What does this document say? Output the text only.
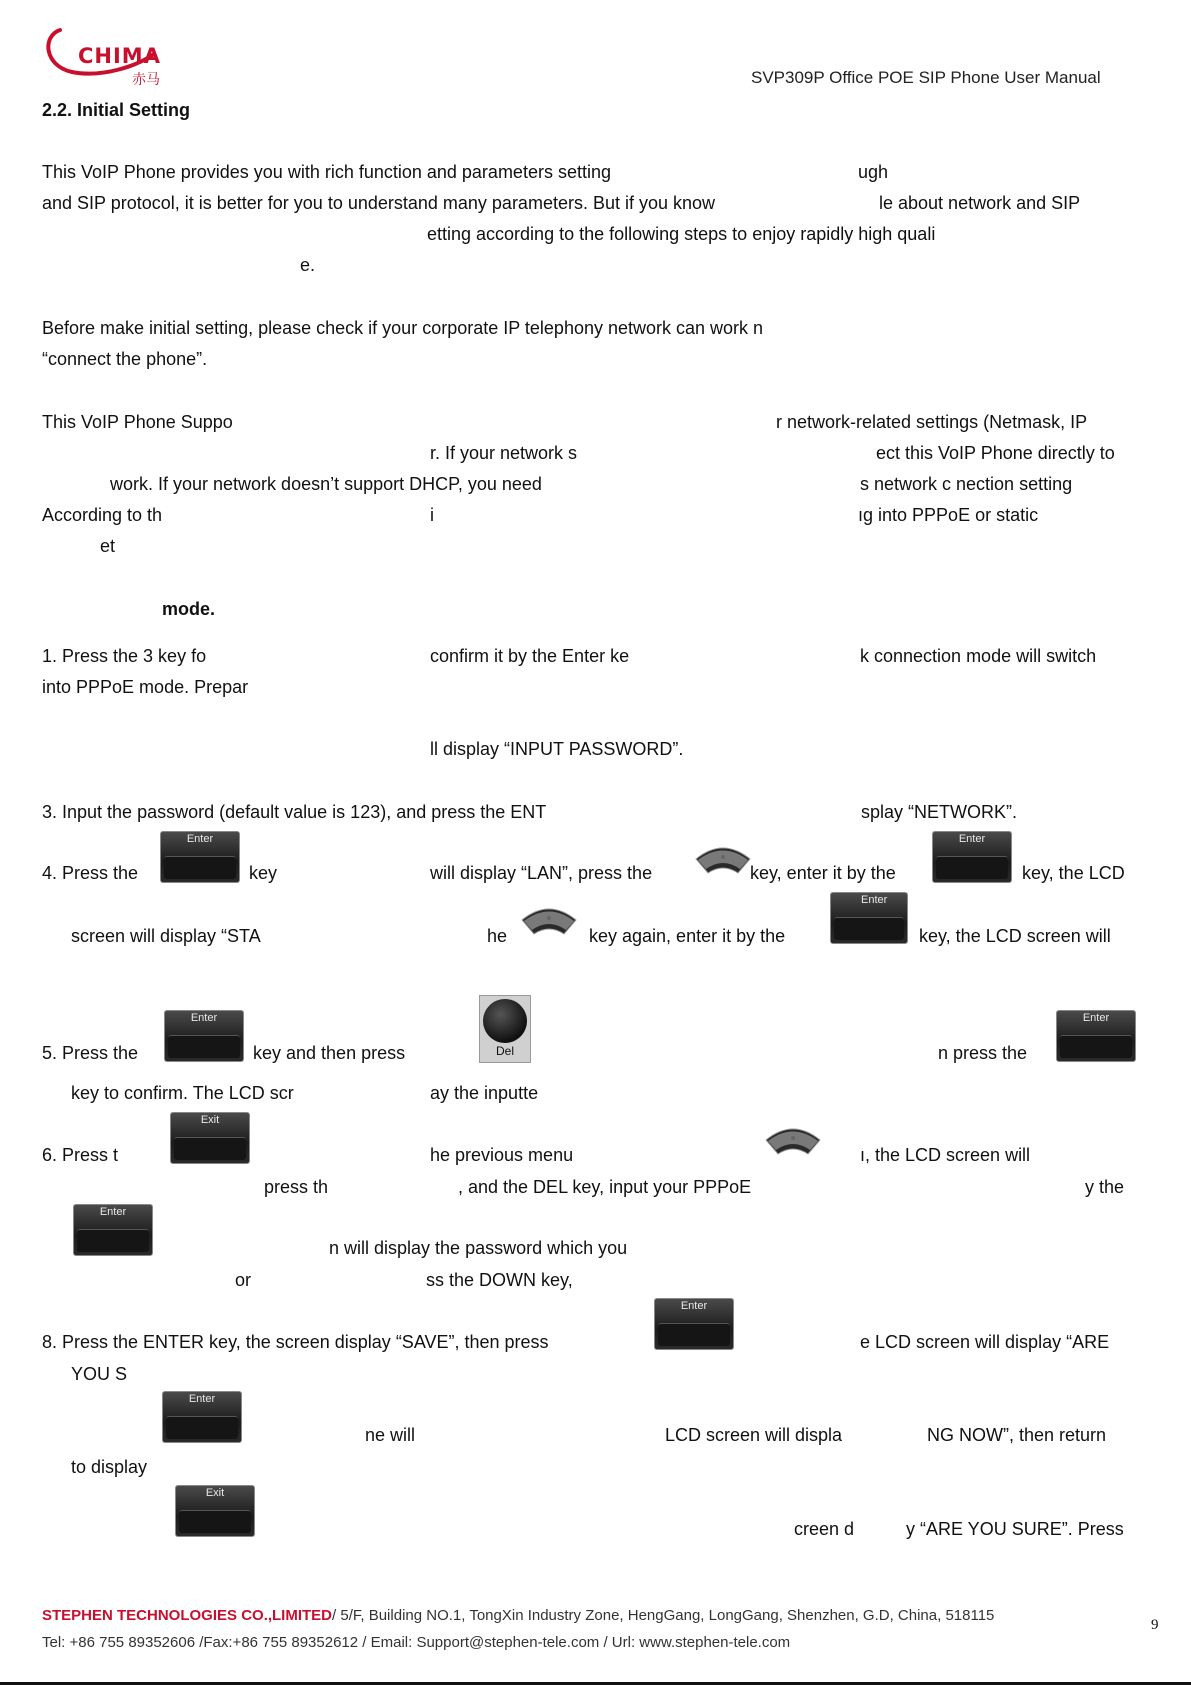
CHIMA
赤马	SVP309P Office POE SIP Phone User Manual
2.2. Initial Setting
This VoIP Phone provides you with rich function and parameters setting	ugh
and SIP protocol, it is better for you to understand many parameters. But if you know	le about network and SIP
etting according to the following steps to enjoy rapidly high quali
e.
Before make initial setting, please check if your corporate IP telephony network can work n
“connect the phone”.
This VoIP Phone Suppo	r network-related settings (Netmask, IP
r. If your network s	ect this VoIP Phone directly to
work. If your network doesn’t support DHCP, you need	s network c nection setting
According to th	i	ıg into PPPoE or static
et
mode.
1. Press the 3 key fo	confirm it by the Enter ke	k connection mode will switch
into PPPoE mode. Prepar
ll display “INPUT PASSWORD”.
3. Input the password (default value is 123), and press the ENT	splay “NETWORK”.
4. Press the
Enter
key	will display “LAN”, press the	key, enter it by the
Enter
key, the LCD
screen will display “STA	he	key again, enter it by the
Enter
key, the LCD screen will
5. Press the
Enter
key and then press	Del	n press the
Enter
key to confirm. The LCD scr	ay the inputte
6. Press t
Exit
he previous menu	ı, the LCD screen will
press th	, and the DEL key, input your PPPoE	y the
Enter
n will display the password which you
or	ss the DOWN key,
8. Press the ENTER key, the screen display “SAVE”, then press
Enter
e LCD screen will display “ARE
YOU S
Enter
ne will	LCD screen will displa	NG NOW”, then return
to display
Exit
creen d	y “ARE YOU SURE”. Press
STEPHEN TECHNOLOGIES CO.,LIMITED/ 5/F, Building NO.1, TongXin Industry Zone, HengGang, LongGang, Shenzhen, G.D, China, 518115
Tel: +86 755 89352606 /Fax:+86 755 89352612 / Email: Support@stephen-tele.com / Url: www.stephen-tele.com
9
